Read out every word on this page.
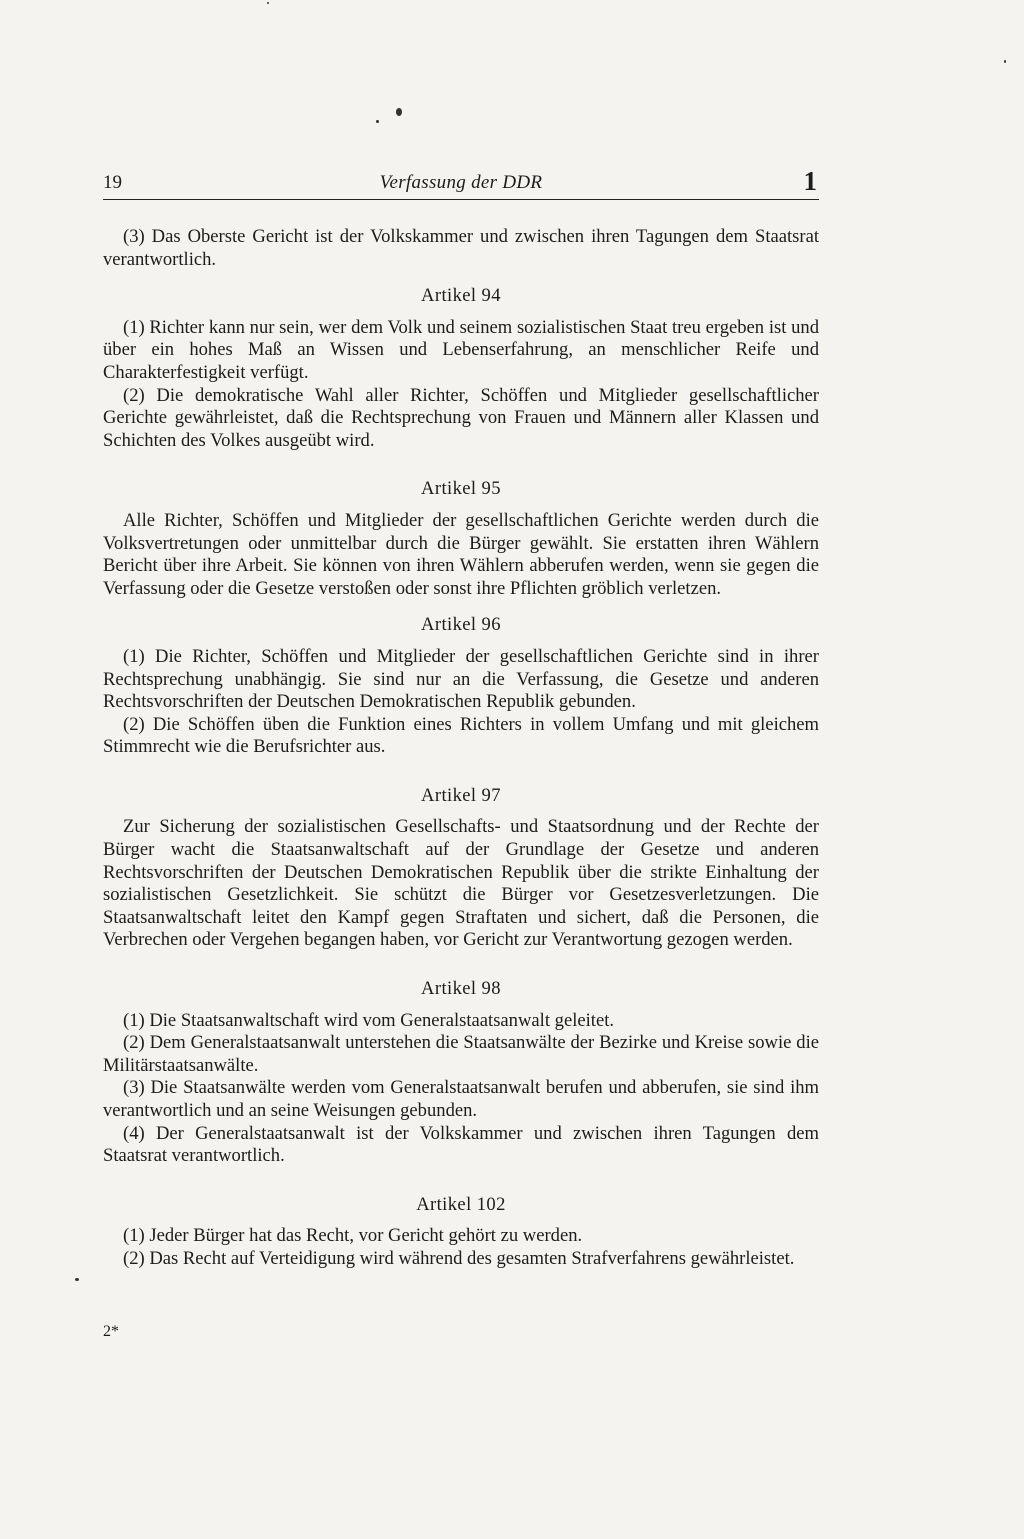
19	Verfassung der DDR	1

(3) Das Oberste Gericht ist der Volkskammer und zwischen ihren Tagungen dem Staatsrat verantwortlich.

Artikel 94

(1) Richter kann nur sein, wer dem Volk und seinem sozialistischen Staat treu ergeben ist und über ein hohes Maß an Wissen und Lebenserfahrung, an menschlicher Reife und Charakterfestigkeit verfügt.

(2) Die demokratische Wahl aller Richter, Schöffen und Mitglieder gesellschaftlicher Gerichte gewährleistet, daß die Rechtsprechung von Frauen und Männern aller Klassen und Schichten des Volkes ausgeübt wird.

Artikel 95

Alle Richter, Schöffen und Mitglieder der gesellschaftlichen Gerichte werden durch die Volksvertretungen oder unmittelbar durch die Bürger gewählt. Sie erstatten ihren Wählern Bericht über ihre Arbeit. Sie können von ihren Wählern abberufen werden, wenn sie gegen die Verfassung oder die Gesetze verstoßen oder sonst ihre Pflichten gröblich verletzen.

Artikel 96

(1) Die Richter, Schöffen und Mitglieder der gesellschaftlichen Gerichte sind in ihrer Rechtsprechung unabhängig. Sie sind nur an die Verfassung, die Gesetze und anderen Rechtsvorschriften der Deutschen Demokratischen Republik gebunden.

(2) Die Schöffen üben die Funktion eines Richters in vollem Umfang und mit gleichem Stimmrecht wie die Berufsrichter aus.

Artikel 97

Zur Sicherung der sozialistischen Gesellschafts- und Staatsordnung und der Rechte der Bürger wacht die Staatsanwaltschaft auf der Grundlage der Gesetze und anderen Rechtsvorschriften der Deutschen Demokratischen Republik über die strikte Einhaltung der sozialistischen Gesetzlichkeit. Sie schützt die Bürger vor Gesetzesverletzungen. Die Staatsanwaltschaft leitet den Kampf gegen Straftaten und sichert, daß die Personen, die Verbrechen oder Vergehen begangen haben, vor Gericht zur Verantwortung gezogen werden.

Artikel 98

(1) Die Staatsanwaltschaft wird vom Generalstaatsanwalt geleitet.

(2) Dem Generalstaatsanwalt unterstehen die Staatsanwälte der Bezirke und Kreise sowie die Militärstaatsanwälte.

(3) Die Staatsanwälte werden vom Generalstaatsanwalt berufen und abberufen, sie sind ihm verantwortlich und an seine Weisungen gebunden.

(4) Der Generalstaatsanwalt ist der Volkskammer und zwischen ihren Tagungen dem Staatsrat verantwortlich.

Artikel 102

(1) Jeder Bürger hat das Recht, vor Gericht gehört zu werden.

(2) Das Recht auf Verteidigung wird während des gesamten Strafverfahrens gewährleistet.

2*
